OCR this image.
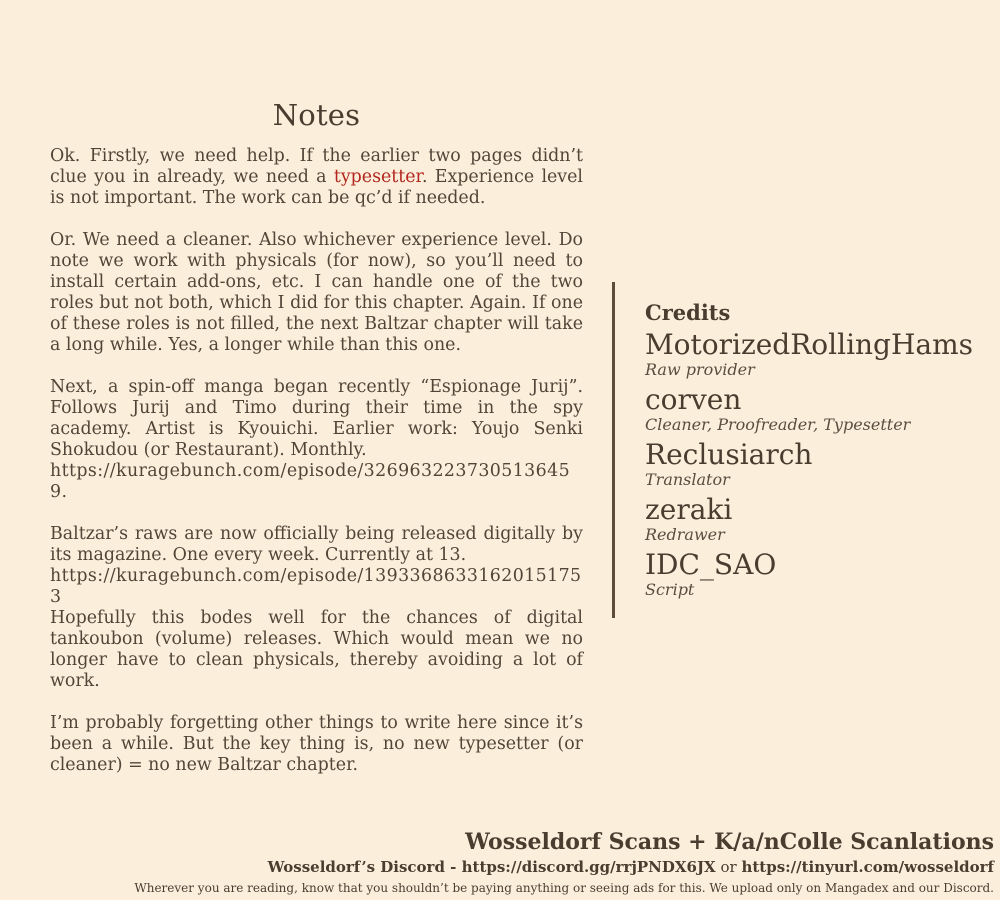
Notes

Ok. Firstly, we need help. If the earlier two pages didn’t clue you in already, we need a typesetter. Experience level is not important. The work can be qc’d if needed.

Or. We need a cleaner. Also whichever experience level. Do note we work with physicals (for now), so you’ll need to install certain add-ons, etc. I can handle one of the two roles but not both, which I did for this chapter. Again. If one of these roles is not filled, the next Baltzar chapter will take a long while. Yes, a longer while than this one.

Next, a spin-off manga began recently “Espionage Jurij”. Follows Jurij and Timo during their time in the spy academy. Artist is Kyouichi. Earlier work: Youjo Senki Shokudou (or Restaurant). Monthly.
https://kuragebunch.com/episode/3269632237305136459.

Baltzar’s raws are now officially being released digitally by its magazine. One every week. Currently at 13.
https://kuragebunch.com/episode/13933686331620151753
Hopefully this bodes well for the chances of digital tankoubon (volume) releases. Which would mean we no longer have to clean physicals, thereby avoiding a lot of work.

I’m probably forgetting other things to write here since it’s been a while. But the key thing is, no new typesetter (or cleaner) = no new Baltzar chapter.

Credits
MotorizedRollingHams
Raw provider
corven
Cleaner, Proofreader, Typesetter
Reclusiarch
Translator
zeraki
Redrawer
IDC_SAO
Script
Wosseldorf Scans + K/a/nColle Scanlations
Wosseldorf’s Discord - https://discord.gg/rrjPNDX6JX or https://tinyurl.com/wosseldorf
Wherever you are reading, know that you shouldn’t be paying anything or seeing ads for this. We upload only on Mangadex and our Discord.
